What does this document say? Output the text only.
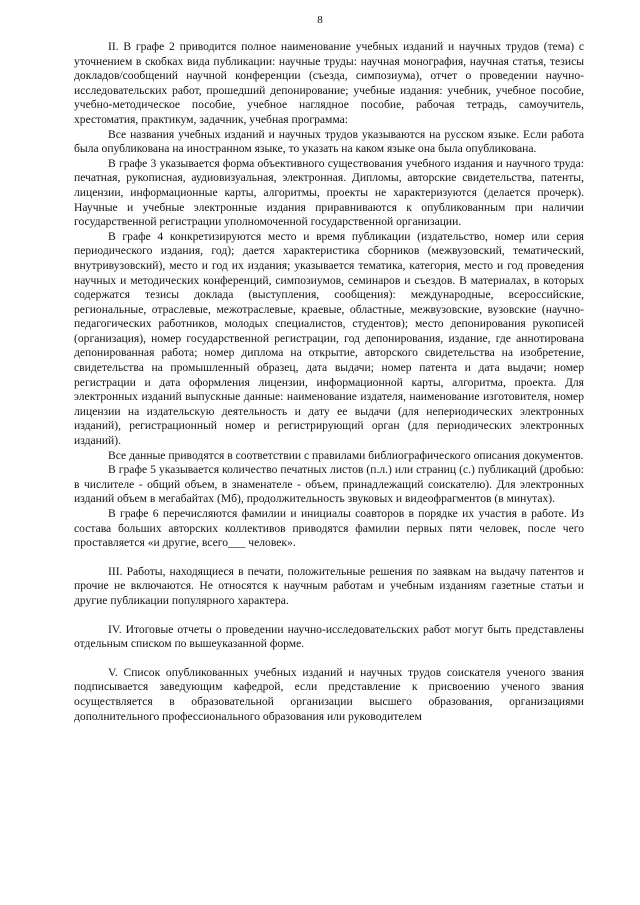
8

II. В графе 2 приводится полное наименование учебных изданий и научных трудов (тема) с уточнением в скобках вида публикации: научные труды: научная монография, научная статья, тезисы докладов/сообщений научной конференции (съезда, симпозиума), отчет о проведении научно-исследовательских работ, прошедший депонирование; учебные издания: учебник, учебное пособие, учебно-методическое пособие, учебное наглядное пособие, рабочая тетрадь, самоучитель, хрестоматия, практикум, задачник, учебная программа:

Все названия учебных изданий и научных трудов указываются на русском языке. Если работа была опубликована на иностранном языке, то указать на каком языке она была опубликована.

В графе 3 указывается форма объективного существования учебного издания и научного труда: печатная, рукописная, аудиовизуальная, электронная. Дипломы, авторские свидетельства, патенты, лицензии, информационные карты, алгоритмы, проекты не характеризуются (делается прочерк). Научные и учебные электронные издания приравниваются к опубликованным при наличии государственной регистрации уполномоченной государственной организации.

В графе 4 конкретизируются место и время публикации (издательство, номер или серия периодического издания, год); дается характеристика сборников (межвузовский, тематический, внутривузовский), место и год их издания; указывается тематика, категория, место и год проведения научных и методических конференций, симпозиумов, семинаров и съездов. В материалах, в которых содержатся тезисы доклада (выступления, сообщения): международные, всероссийские, региональные, отраслевые, межотраслевые, краевые, областные, межвузовские, вузовские (научно-педагогических работников, молодых специалистов, студентов); место депонирования рукописей (организация), номер государственной регистрации, год депонирования, издание, где аннотирована депонированная работа; номер диплома на открытие, авторского свидетельства на изобретение, свидетельства на промышленный образец, дата выдачи; номер патента и дата выдачи; номер регистрации и дата оформления лицензии, информационной карты, алгоритма, проекта. Для электронных изданий выпускные данные: наименование издателя, наименование изготовителя, номер лицензии на издательскую деятельность и дату ее выдачи (для непериодических электронных изданий), регистрационный номер и регистрирующий орган (для периодических электронных изданий).

Все данные приводятся в соответствии с правилами библиографического описания документов.

В графе 5 указывается количество печатных листов (п.л.) или страниц (с.) публикаций (дробью: в числителе - общий объем, в знаменателе - объем, принадлежащий соискателю). Для электронных изданий объем в мегабайтах (Мб), продолжительность звуковых и видеофрагментов (в минутах).

В графе 6 перечисляются фамилии и инициалы соавторов в порядке их участия в работе. Из состава больших авторских коллективов приводятся фамилии первых пяти человек, после чего проставляется «и другие, всего___ человек».

III. Работы, находящиеся в печати, положительные решения по заявкам на выдачу патентов и прочие не включаются. Не относятся к научным работам и учебным изданиям газетные статьи и другие публикации популярного характера.

IV. Итоговые отчеты о проведении научно-исследовательских работ могут быть представлены отдельным списком по вышеуказанной форме.

V. Список опубликованных учебных изданий и научных трудов соискателя ученого звания подписывается заведующим кафедрой, если представление к присвоению ученого звания осуществляется в образовательной организации высшего образования, организациями дополнительного профессионального образования или руководителем
